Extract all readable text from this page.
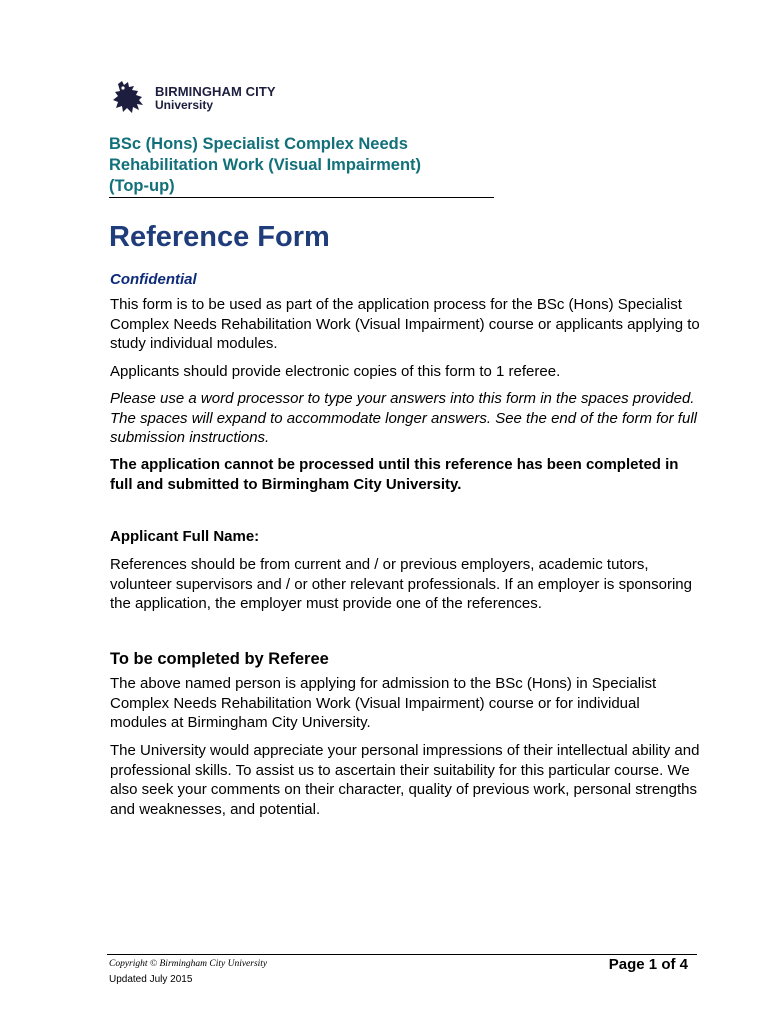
BIRMINGHAM CITY
University
BSc (Hons) Specialist Complex Needs
Rehabilitation Work (Visual Impairment)
(Top-up)
Reference Form

Confidential

This form is to be used as part of the application process for the BSc (Hons) Specialist Complex Needs Rehabilitation Work (Visual Impairment) course or applicants applying to study individual modules.

Applicants should provide electronic copies of this form to 1 referee.

Please use a word processor to type your answers into this form in the spaces provided. The spaces will expand to accommodate longer answers. See the end of the form for full submission instructions.

The application cannot be processed until this reference has been completed in full and submitted to Birmingham City University.

Applicant Full Name:

References should be from current and / or previous employers, academic tutors, volunteer supervisors and / or other relevant professionals. If an employer is sponsoring the application, the employer must provide one of the references.

To be completed by Referee

The above named person is applying for admission to the BSc (Hons) in Specialist Complex Needs Rehabilitation Work (Visual Impairment) course or for individual modules at Birmingham City University.

The University would appreciate your personal impressions of their intellectual ability and professional skills. To assist us to ascertain their suitability for this particular course. We also seek your comments on their character, quality of previous work, personal strengths and weaknesses, and potential.

Copyright © Birmingham City University
Updated July 2015
Page 1 of 4
